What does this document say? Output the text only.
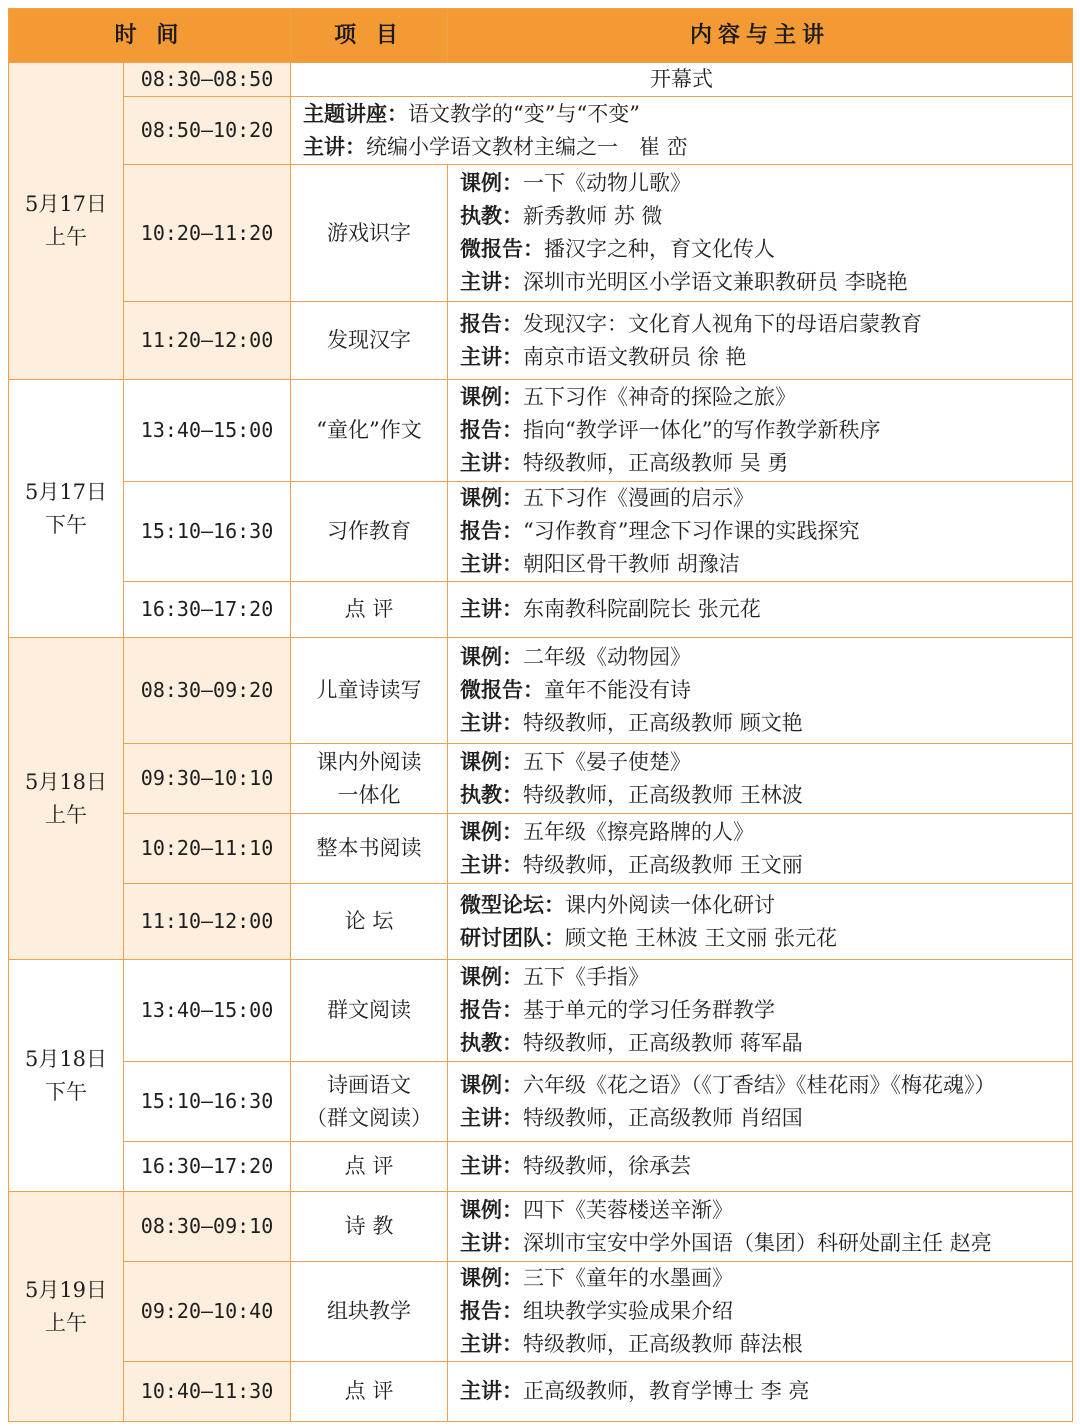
时 间		项 目	内容与主讲

5月17日
上午	08:30—08:50	开幕式	
	08:50—10:20	主题讲座：语文教学的“变”与“不变”
主讲：统编小学语文教材主编之一　崔 峦	

	10:20—11:20	游戏识字	课例：一下《动物儿歌》
执教：新秀教师 苏 微
微报告：播汉字之种，育文化传人
主讲：深圳市光明区小学语文兼职教研员 李晓艳

	11:20—12:00	发现汉字	报告：发现汉字：文化育人视角下的母语启蒙教育
主讲：南京市语文教研员 徐 艳

5月17日
下午	13:40—15:00	“童化”作文	课例：五下习作《神奇的探险之旅》
报告：指向“教学评一体化”的写作教学新秩序
主讲：特级教师，正高级教师 吴 勇

	15:10—16:30	习作教育	课例：五下习作《漫画的启示》
报告：“习作教育”理念下习作课的实践探究
主讲：朝阳区骨干教师 胡豫洁

	16:30—17:20	点 评	主讲：东南教科院副院长 张元花

5月18日
上午	08:30—09:20	儿童诗读写	课例：二年级《动物园》
微报告：童年不能没有诗
主讲：特级教师，正高级教师 顾文艳

	09:30—10:10	课内外阅读
一体化	课例：五下《晏子使楚》
执教：特级教师，正高级教师 王林波

	10:20—11:10	整本书阅读	课例：五年级《擦亮路牌的人》
主讲：特级教师，正高级教师 王文丽

	11:10—12:00	论 坛	微型论坛：课内外阅读一体化研讨
研讨团队：顾文艳 王林波 王文丽 张元花

5月18日
下午	13:40—15:00	群文阅读	课例：五下《手指》
报告：基于单元的学习任务群教学
执教：特级教师，正高级教师 蒋军晶

	15:10—16:30	诗画语文
（群文阅读）	课例：六年级《花之语》（《丁香结》《桂花雨》《梅花魂》）
主讲：特级教师，正高级教师 肖绍国

	16:30—17:20	点 评	主讲：特级教师，徐承芸

5月19日
上午	08:30—09:10	诗 教	课例：四下《芙蓉楼送辛渐》
主讲：深圳市宝安中学外国语（集团）科研处副主任 赵亮

	09:20—10:40	组块教学	课例：三下《童年的水墨画》
报告：组块教学实验成果介绍
主讲：特级教师，正高级教师 薛法根

	10:40—11:30	点 评	主讲：正高级教师，教育学博士 李 亮
